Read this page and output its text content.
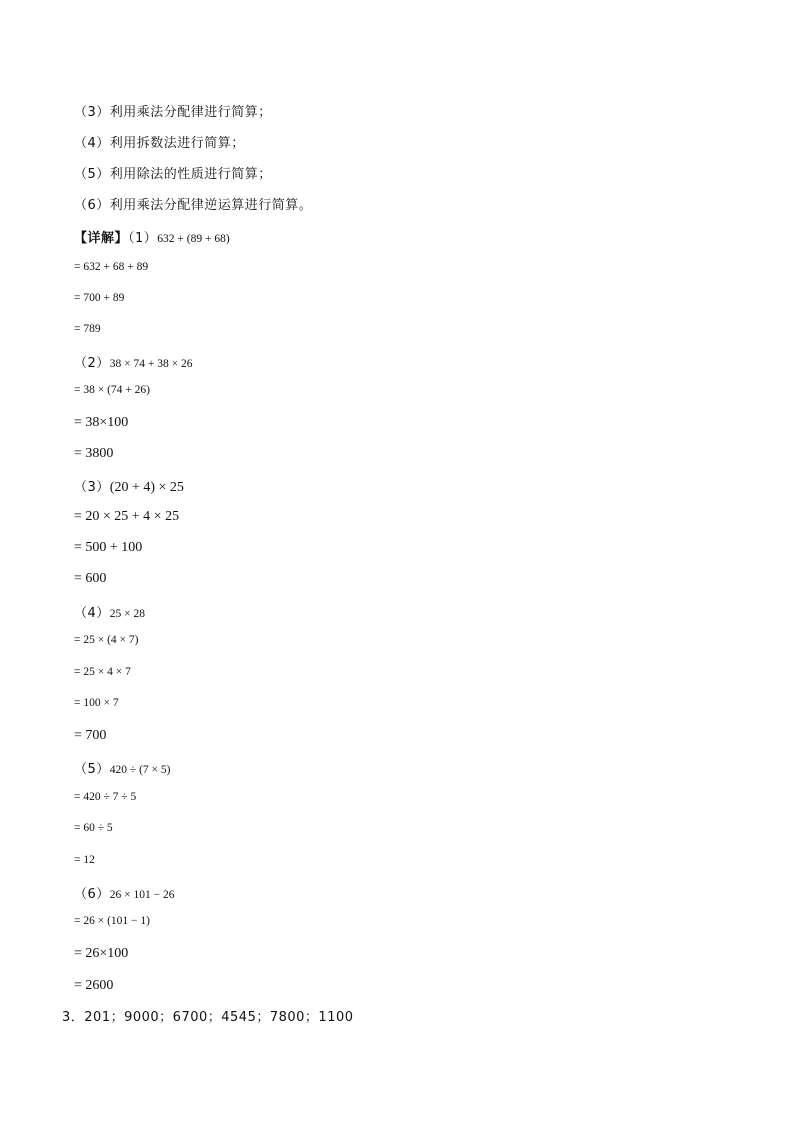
（3）利用乘法分配律进行简算；
（4）利用拆数法进行简算；
（5）利用除法的性质进行简算；
（6）利用乘法分配律逆运算进行简算。
【详解】（1）632 + (89 + 68)
= 632 + 68 + 89
= 700 + 89
= 789
（2）38 × 74 + 38 × 26
= 38 × (74 + 26)
= 38×100
= 3800
（3）(20 + 4) × 25
= 20 × 25 + 4 × 25
= 500 + 100
= 600
（4）25 × 28
= 25 × (4 × 7)
= 25 × 4 × 7
= 100 × 7
= 700
（5）420 ÷ (7 × 5)
= 420 ÷ 7 ÷ 5
= 60 ÷ 5
= 12
（6）26 × 101 − 26
= 26 × (101 − 1)
= 26×100
= 2600
3．201；9000；6700；4545；7800；1100
